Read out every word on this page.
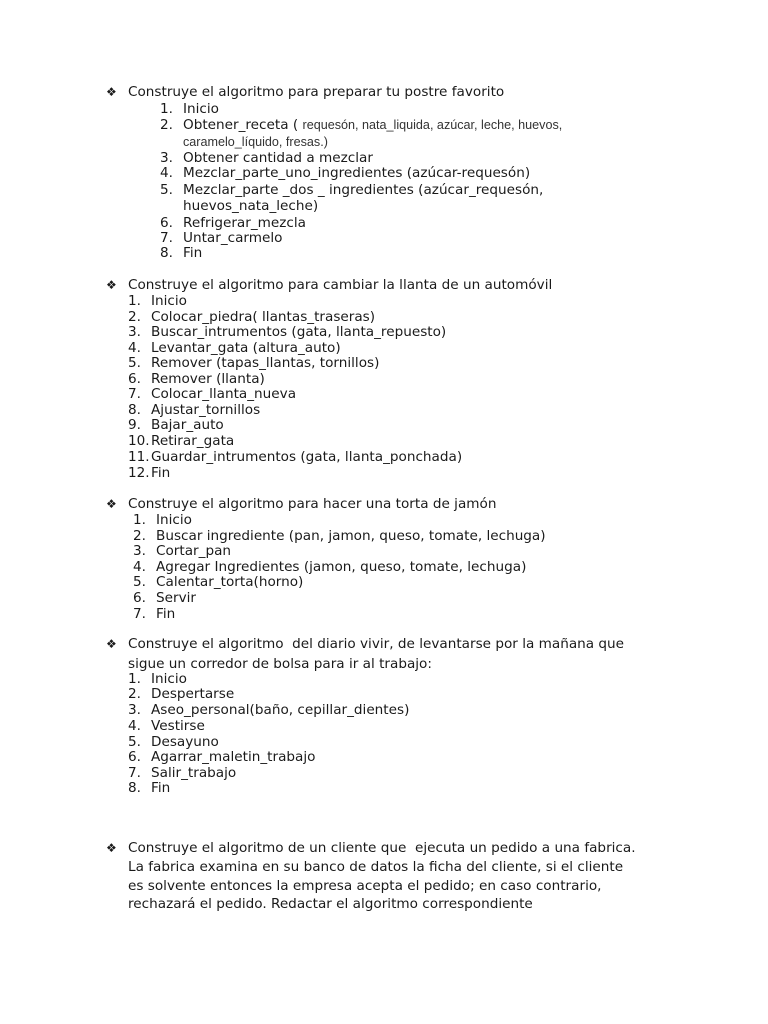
❖ Construye el algoritmo para preparar tu postre favorito
1. Inicio
2. Obtener_receta ( requesón, nata_liquida, azúcar, leche, huevos,
caramelo_líquido, fresas.)
3. Obtener cantidad a mezclar
4. Mezclar_parte_uno_ingredientes (azúcar-requesón)
5. Mezclar_parte _dos _ ingredientes (azúcar_requesón,
huevos_nata_leche)
6. Refrigerar_mezcla
7. Untar_carmelo
8. Fin
❖ Construye el algoritmo para cambiar la llanta de un automóvil
1. Inicio
2. Colocar_piedra( llantas_traseras)
3. Buscar_intrumentos (gata, llanta_repuesto)
4. Levantar_gata (altura_auto)
5. Remover (tapas_llantas, tornillos)
6. Remover (llanta)
7. Colocar_llanta_nueva
8. Ajustar_tornillos
9. Bajar_auto
10. Retirar_gata
11. Guardar_intrumentos (gata, llanta_ponchada)
12. Fin
❖ Construye el algoritmo para hacer una torta de jamón
1. Inicio
2. Buscar ingrediente (pan, jamon, queso, tomate, lechuga)
3. Cortar_pan
4. Agregar Ingredientes (jamon, queso, tomate, lechuga)
5. Calentar_torta(horno)
6. Servir
7. Fin
❖ Construye el algoritmo  del diario vivir, de levantarse por la mañana que
sigue un corredor de bolsa para ir al trabajo:
1. Inicio
2. Despertarse
3. Aseo_personal(baño, cepillar_dientes)
4. Vestirse
5. Desayuno
6. Agarrar_maletin_trabajo
7. Salir_trabajo
8. Fin
❖ Construye el algoritmo de un cliente que  ejecuta un pedido a una fabrica.
La fabrica examina en su banco de datos la ficha del cliente, si el cliente
es solvente entonces la empresa acepta el pedido; en caso contrario,
rechazará el pedido. Redactar el algoritmo correspondiente
